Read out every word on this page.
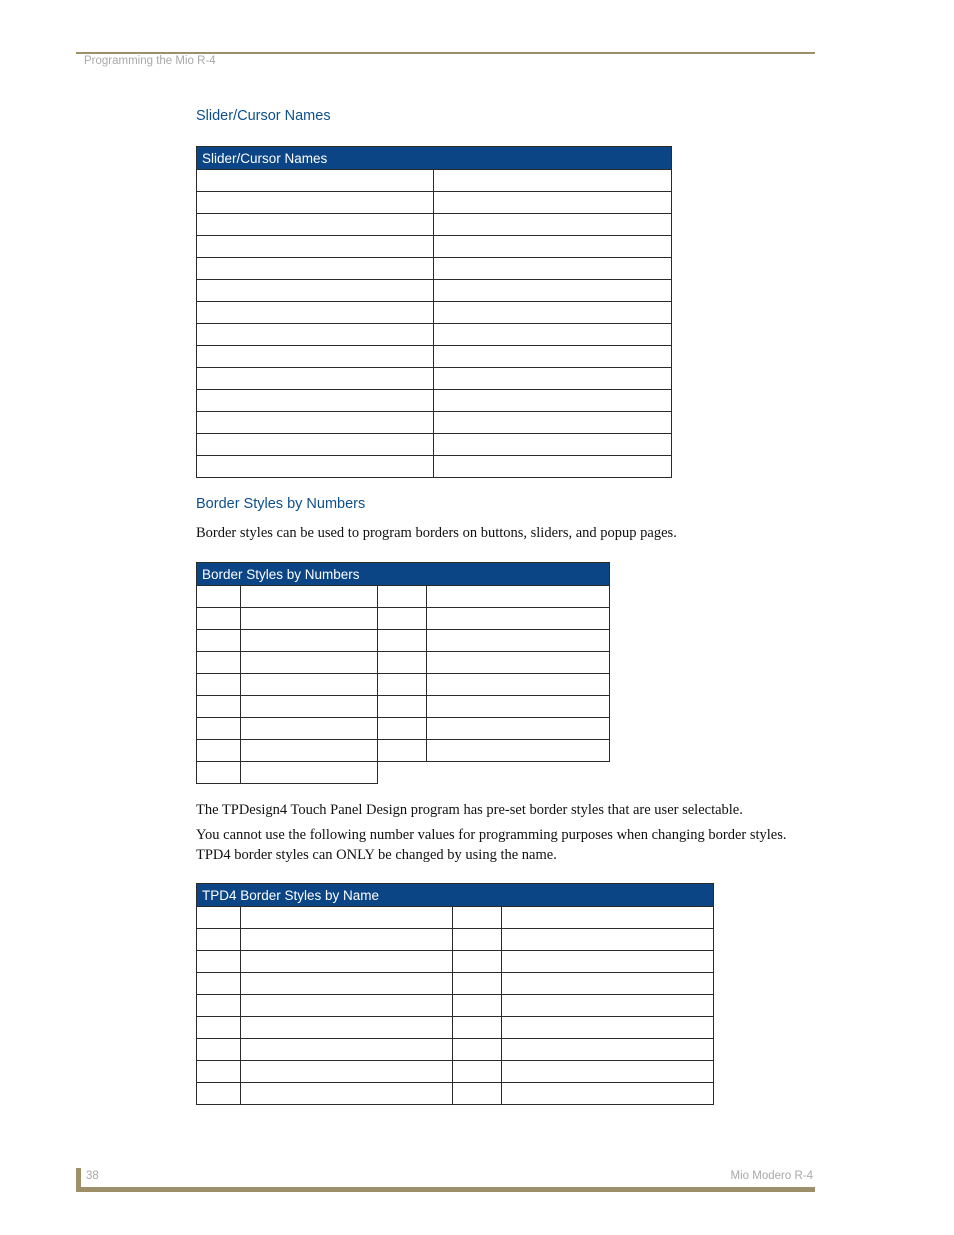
Programming the Mio R-4
Slider/Cursor Names
Slider/Cursor Names	

Border Styles by Numbers
Border styles can be used to program borders on buttons, sliders, and popup pages.
Border Styles by Numbers			

The TPDesign4 Touch Panel Design program has pre-set border styles that are user selectable.
You cannot use the following number values for programming purposes when changing border styles. TPD4 border styles can ONLY be changed by using the name.
TPD4 Border Styles by Name			

38	Mio Modero R-4
